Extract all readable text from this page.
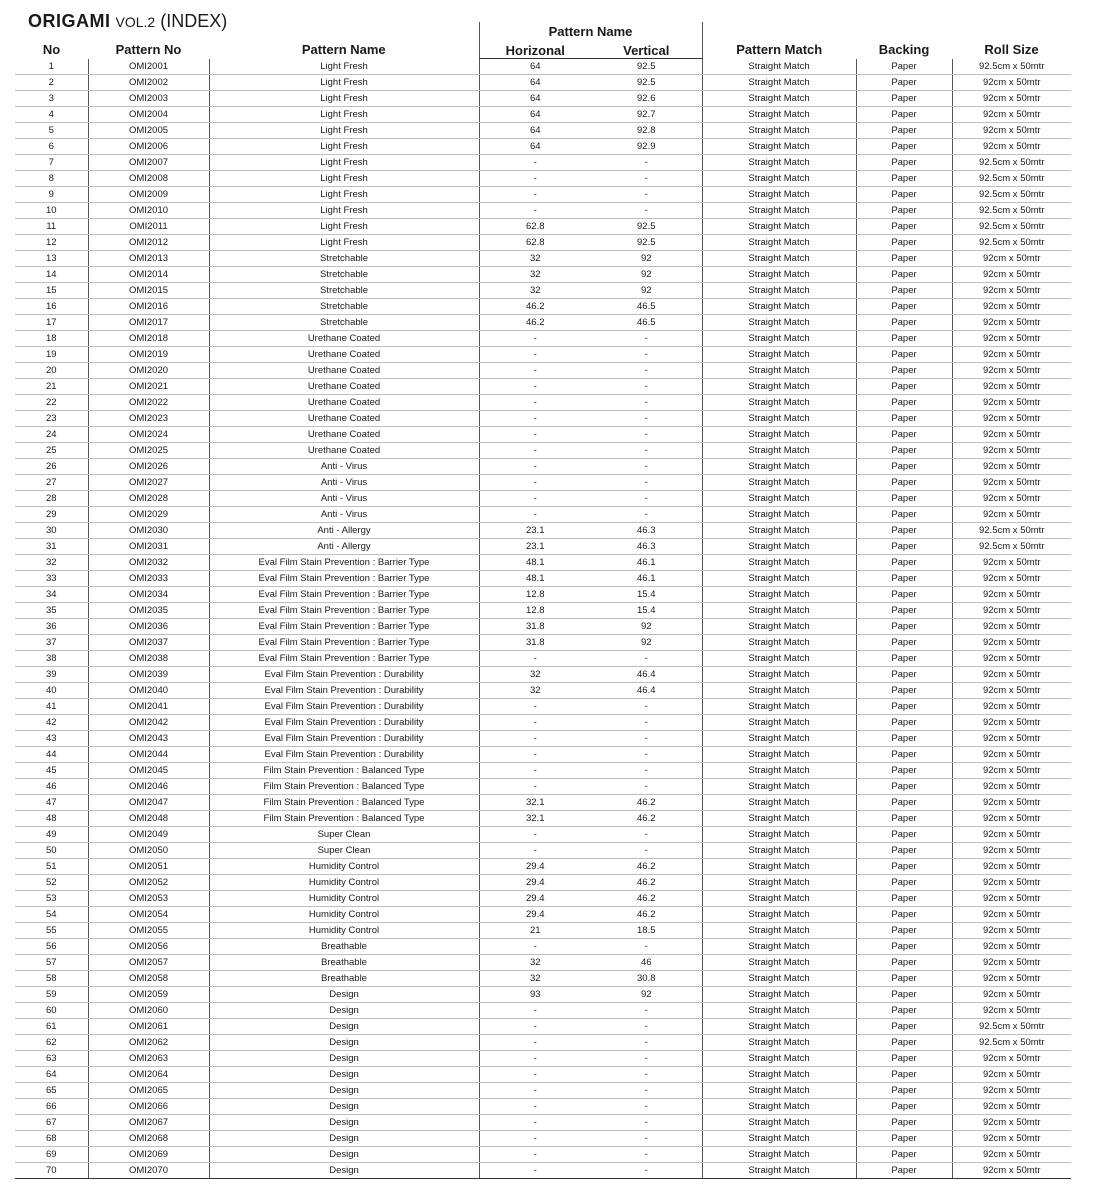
ORIGAMI VOL.2 (INDEX)
No	Pattern No	Pattern Name	Pattern Name		Pattern Match	Backing	Roll Size
			Horizonal	Vertical			
1	OMI2001	Light Fresh	64	92.5	Straight Match	Paper	92.5cm x 50mtr
2	OMI2002	Light Fresh	64	92.5	Straight Match	Paper	92cm x 50mtr
3	OMI2003	Light Fresh	64	92.6	Straight Match	Paper	92cm x 50mtr
4	OMI2004	Light Fresh	64	92.7	Straight Match	Paper	92cm x 50mtr
5	OMI2005	Light Fresh	64	92.8	Straight Match	Paper	92cm x 50mtr
6	OMI2006	Light Fresh	64	92.9	Straight Match	Paper	92cm x 50mtr
7	OMI2007	Light Fresh	-	-	Straight Match	Paper	92.5cm x 50mtr
8	OMI2008	Light Fresh	-	-	Straight Match	Paper	92.5cm x 50mtr
9	OMI2009	Light Fresh	-	-	Straight Match	Paper	92.5cm x 50mtr
10	OMI2010	Light Fresh	-	-	Straight Match	Paper	92.5cm x 50mtr
11	OMI2011	Light Fresh	62.8	92.5	Straight Match	Paper	92.5cm x 50mtr
12	OMI2012	Light Fresh	62.8	92.5	Straight Match	Paper	92.5cm x 50mtr
13	OMI2013	Stretchable	32	92	Straight Match	Paper	92cm x 50mtr
14	OMI2014	Stretchable	32	92	Straight Match	Paper	92cm x 50mtr
15	OMI2015	Stretchable	32	92	Straight Match	Paper	92cm x 50mtr
16	OMI2016	Stretchable	46.2	46.5	Straight Match	Paper	92cm x 50mtr
17	OMI2017	Stretchable	46.2	46.5	Straight Match	Paper	92cm x 50mtr
18	OMI2018	Urethane Coated	-	-	Straight Match	Paper	92cm x 50mtr
19	OMI2019	Urethane Coated	-	-	Straight Match	Paper	92cm x 50mtr
20	OMI2020	Urethane Coated	-	-	Straight Match	Paper	92cm x 50mtr
21	OMI2021	Urethane Coated	-	-	Straight Match	Paper	92cm x 50mtr
22	OMI2022	Urethane Coated	-	-	Straight Match	Paper	92cm x 50mtr
23	OMI2023	Urethane Coated	-	-	Straight Match	Paper	92cm x 50mtr
24	OMI2024	Urethane Coated	-	-	Straight Match	Paper	92cm x 50mtr
25	OMI2025	Urethane Coated	-	-	Straight Match	Paper	92cm x 50mtr
26	OMI2026	Anti - Virus	-	-	Straight Match	Paper	92cm x 50mtr
27	OMI2027	Anti - Virus	-	-	Straight Match	Paper	92cm x 50mtr
28	OMI2028	Anti - Virus	-	-	Straight Match	Paper	92cm x 50mtr
29	OMI2029	Anti - Virus	-	-	Straight Match	Paper	92cm x 50mtr
30	OMI2030	Anti - Allergy	23.1	46.3	Straight Match	Paper	92.5cm x 50mtr
31	OMI2031	Anti - Allergy	23.1	46.3	Straight Match	Paper	92.5cm x 50mtr
32	OMI2032	Eval Film Stain Prevention : Barrier Type	48.1	46.1	Straight Match	Paper	92cm x 50mtr
33	OMI2033	Eval Film Stain Prevention : Barrier Type	48.1	46.1	Straight Match	Paper	92cm x 50mtr
34	OMI2034	Eval Film Stain Prevention : Barrier Type	12.8	15.4	Straight Match	Paper	92cm x 50mtr
35	OMI2035	Eval Film Stain Prevention : Barrier Type	12.8	15.4	Straight Match	Paper	92cm x 50mtr
36	OMI2036	Eval Film Stain Prevention : Barrier Type	31.8	92	Straight Match	Paper	92cm x 50mtr
37	OMI2037	Eval Film Stain Prevention : Barrier Type	31.8	92	Straight Match	Paper	92cm x 50mtr
38	OMI2038	Eval Film Stain Prevention : Barrier Type	-	-	Straight Match	Paper	92cm x 50mtr
39	OMI2039	Eval Film Stain Prevention : Durability	32	46.4	Straight Match	Paper	92cm x 50mtr
40	OMI2040	Eval Film Stain Prevention : Durability	32	46.4	Straight Match	Paper	92cm x 50mtr
41	OMI2041	Eval Film Stain Prevention : Durability	-	-	Straight Match	Paper	92cm x 50mtr
42	OMI2042	Eval Film Stain Prevention : Durability	-	-	Straight Match	Paper	92cm x 50mtr
43	OMI2043	Eval Film Stain Prevention : Durability	-	-	Straight Match	Paper	92cm x 50mtr
44	OMI2044	Eval Film Stain Prevention : Durability	-	-	Straight Match	Paper	92cm x 50mtr
45	OMI2045	Film Stain Prevention : Balanced Type	-	-	Straight Match	Paper	92cm x 50mtr
46	OMI2046	Film Stain Prevention : Balanced Type	-	-	Straight Match	Paper	92cm x 50mtr
47	OMI2047	Film Stain Prevention : Balanced Type	32.1	46.2	Straight Match	Paper	92cm x 50mtr
48	OMI2048	Film Stain Prevention : Balanced Type	32.1	46.2	Straight Match	Paper	92cm x 50mtr
49	OMI2049	Super Clean	-	-	Straight Match	Paper	92cm x 50mtr
50	OMI2050	Super Clean	-	-	Straight Match	Paper	92cm x 50mtr
51	OMI2051	Humidity Control	29.4	46.2	Straight Match	Paper	92cm x 50mtr
52	OMI2052	Humidity Control	29.4	46.2	Straight Match	Paper	92cm x 50mtr
53	OMI2053	Humidity Control	29.4	46.2	Straight Match	Paper	92cm x 50mtr
54	OMI2054	Humidity Control	29.4	46.2	Straight Match	Paper	92cm x 50mtr
55	OMI2055	Humidity Control	21	18.5	Straight Match	Paper	92cm x 50mtr
56	OMI2056	Breathable	-	-	Straight Match	Paper	92cm x 50mtr
57	OMI2057	Breathable	32	46	Straight Match	Paper	92cm x 50mtr
58	OMI2058	Breathable	32	30.8	Straight Match	Paper	92cm x 50mtr
59	OMI2059	Design	93	92	Straight Match	Paper	92cm x 50mtr
60	OMI2060	Design	-	-	Straight Match	Paper	92cm x 50mtr
61	OMI2061	Design	-	-	Straight Match	Paper	92.5cm x 50mtr
62	OMI2062	Design	-	-	Straight Match	Paper	92.5cm x 50mtr
63	OMI2063	Design	-	-	Straight Match	Paper	92cm x 50mtr
64	OMI2064	Design	-	-	Straight Match	Paper	92cm x 50mtr
65	OMI2065	Design	-	-	Straight Match	Paper	92cm x 50mtr
66	OMI2066	Design	-	-	Straight Match	Paper	92cm x 50mtr
67	OMI2067	Design	-	-	Straight Match	Paper	92cm x 50mtr
68	OMI2068	Design	-	-	Straight Match	Paper	92cm x 50mtr
69	OMI2069	Design	-	-	Straight Match	Paper	92cm x 50mtr
70	OMI2070	Design	-	-	Straight Match	Paper	92cm x 50mtr
